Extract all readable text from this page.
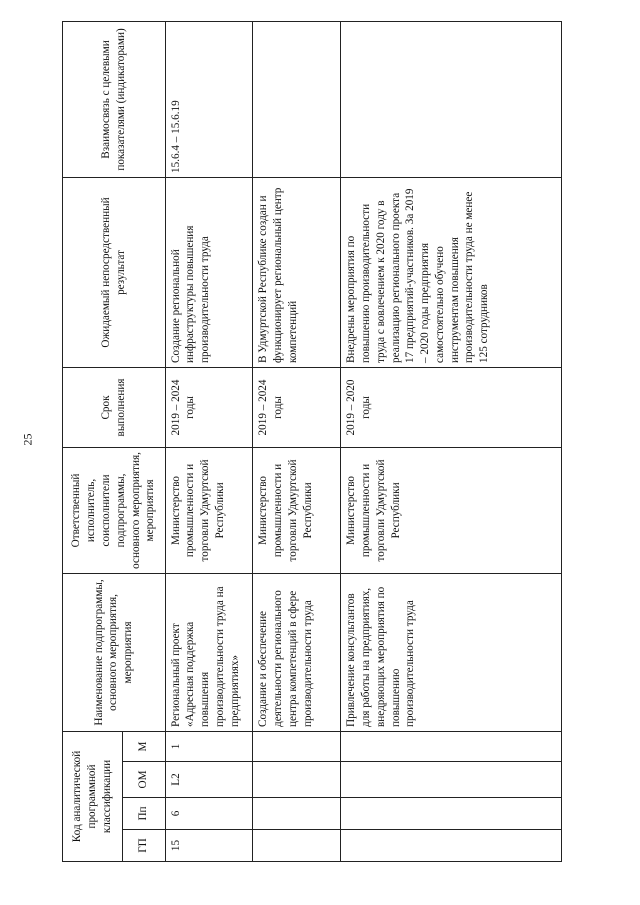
25
Код аналитической программной классификации				Наименование подпрограммы, основного мероприятия, мероприятия	Ответственный исполнитель, соисполнители подпрограммы, основного мероприятия, мероприятия	Срок выполнения	Ожидаемый непосредственный результат	Взаимосвязь с целевыми показателями (индикаторами)
ГП	Пп	ОМ	М					
15	6	L2	1	Региональный проект «Адресная поддержка повышения производительности труда на предприятиях»	Министерство промышленности и торговли Удмуртской Республики	2019 – 2024 годы	Создание региональной инфраструктуры повышения производительности труда	15.6.4 – 15.6.19
				Создание и обеспечение деятельности регионального центра компетенций в сфере производительности труда	Министерство промышленности и торговли Удмуртской Республики	2019 – 2024 годы	В Удмуртской Республике создан и функционирует региональный центр компетенций	
				Привлечение консультантов для работы на предприятиях, внедряющих мероприятия по повышению производительности труда	Министерство промышленности и торговли Удмуртской Республики	2019 – 2020 годы	Внедрены мероприятия по повышению производительности труда с вовлечением к 2020 году в реализацию регионального проекта 17 предприятий-участников. За 2019 – 2020 годы предприятия самостоятельно обучено инструментам повышения производительности труда не менее 125 сотрудников	
